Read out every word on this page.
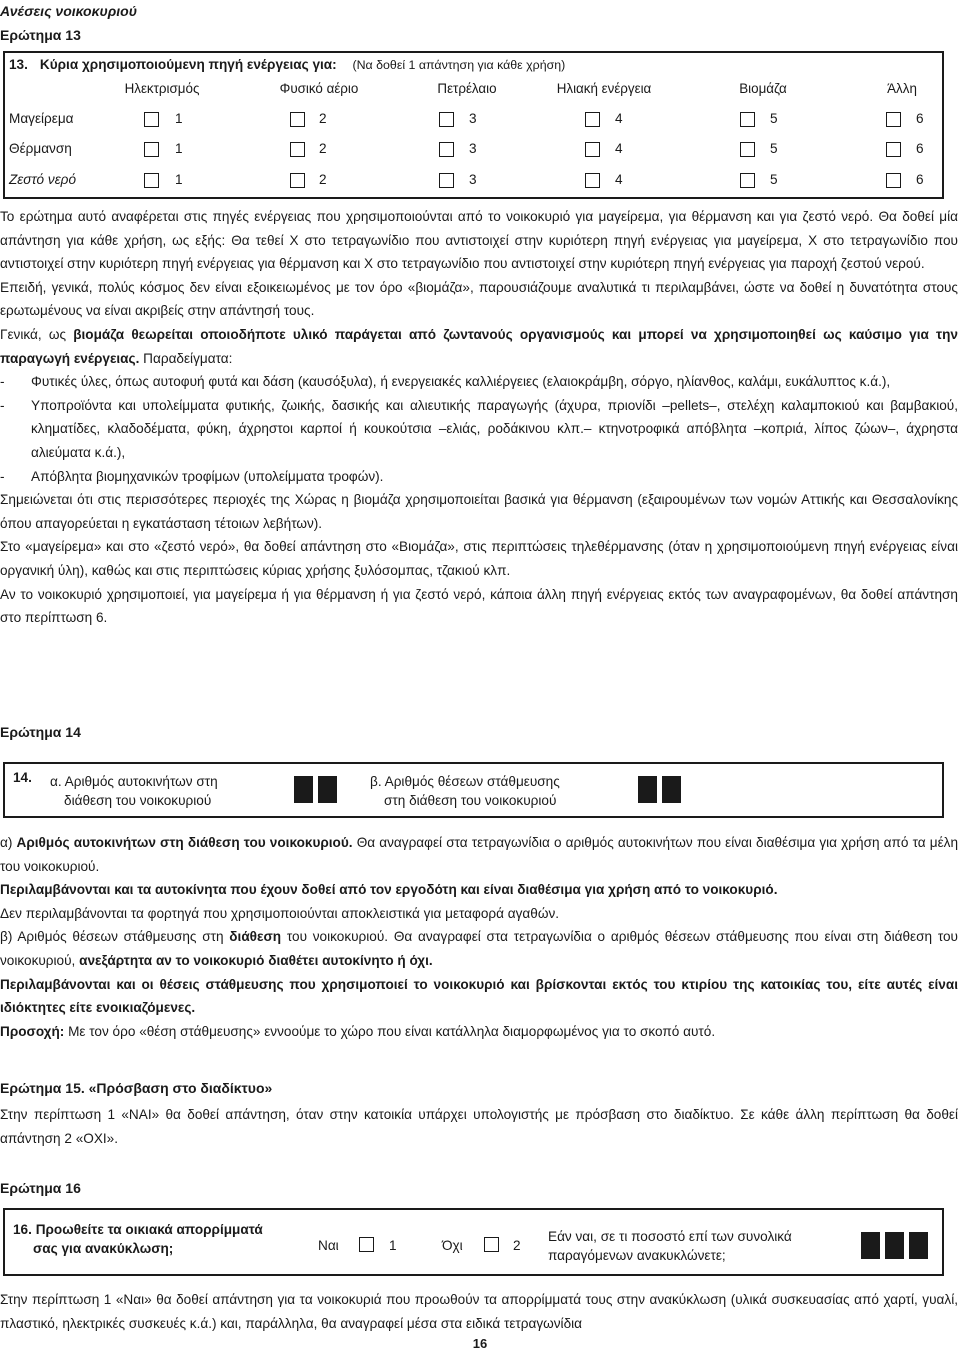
Ανέσεις νοικοκυριού
Ερώτημα 13
13. Κύρια χρησιμοποιούμενη πηγή ενέργειας για: (Να δοθεί 1 απάντηση για κάθε χρήση)
Ηλεκτρισμός	Φυσικό αέριο	Πετρέλαιο	Ηλιακή ενέργεια	Βιομάζα	Άλλη
Μαγείρεμα	1	2	3	4	5	6
Θέρμανση	1	2	3	4	5	6
Ζεστό νερό	1	2	3	4	5	6

Το ερώτημα αυτό αναφέρεται στις πηγές ενέργειας που χρησιμοποιούνται από το νοικοκυριό για μαγείρεμα, για θέρμανση και για ζεστό νερό. Θα δοθεί μία απάντηση για κάθε χρήση, ως εξής: Θα τεθεί Χ στο τετραγωνίδιο που αντιστοιχεί στην κυριότερη πηγή ενέργειας για μαγείρεμα, Χ στο τετραγωνίδιο που αντιστοιχεί στην κυριότερη πηγή ενέργειας για θέρμανση και Χ στο τετραγωνίδιο που αντιστοιχεί στην κυριότερη πηγή ενέργειας για παροχή ζεστού νερού.

Επειδή, γενικά, πολύς κόσμος δεν είναι εξοικειωμένος με τον όρο «βιομάζα», παρουσιάζουμε αναλυτικά τι περιλαμβάνει, ώστε να δοθεί η δυνατότητα στους ερωτωμένους να είναι ακριβείς στην απάντησή τους.

Γενικά, ως βιομάζα θεωρείται οποιοδήποτε υλικό παράγεται από ζωντανούς οργανισμούς και μπορεί να χρησιμοποιηθεί ως καύσιμο για την παραγωγή ενέργειας. Παραδείγματα:

-	Φυτικές ύλες, όπως αυτοφυή φυτά και δάση (καυσόξυλα), ή ενεργειακές καλλιέργειες (ελαιοκράμβη, σόργο, ηλίανθος, καλάμι, ευκάλυπτος κ.ά.),
-	Υποπροϊόντα και υπολείμματα φυτικής, ζωικής, δασικής και αλιευτικής παραγωγής (άχυρα, πριονίδι –pellets–, στελέχη καλαμποκιού και βαμβακιού, κληματίδες, κλαδοδέματα, φύκη, άχρηστοι καρποί ή κουκούτσια –ελιάς, ροδάκινου κλπ.– κτηνοτροφικά απόβλητα –κοπριά, λίπος ζώων–, άχρηστα αλιεύματα κ.ά.),
-	Απόβλητα βιομηχανικών τροφίμων (υπολείμματα τροφών).

Σημειώνεται ότι στις περισσότερες περιοχές της Χώρας η βιομάζα χρησιμοποιείται βασικά για θέρμανση (εξαιρουμένων των νομών Αττικής και Θεσσαλονίκης όπου απαγορεύεται η εγκατάσταση τέτοιων λεβήτων).

Στο «μαγείρεμα» και στο «ζεστό νερό», θα δοθεί απάντηση στο «Βιομάζα», στις περιπτώσεις τηλεθέρμανσης (όταν η χρησιμοποιούμενη πηγή ενέργειας είναι οργανική ύλη), καθώς και στις περιπτώσεις κύριας χρήσης ξυλόσομπας, τζακιού κλπ.

Αν το νοικοκυριό χρησιμοποιεί, για μαγείρεμα ή για θέρμανση ή για ζεστό νερό, κάποια άλλη πηγή ενέργειας εκτός των αναγραφομένων, θα δοθεί απάντηση στο περίπτωση 6.

Ερώτημα 14
14. α. Αριθμός αυτοκινήτων στη
διάθεση του νοικοκυριού
β. Αριθμός θέσεων στάθμευσης
στη διάθεση του νοικοκυριού

α) Αριθμός αυτοκινήτων στη διάθεση του νοικοκυριού. Θα αναγραφεί στα τετραγωνίδια ο αριθμός αυτοκινήτων που είναι διαθέσιμα για χρήση από τα μέλη του νοικοκυριού.

Περιλαμβάνονται και τα αυτοκίνητα που έχουν δοθεί από τον εργοδότη και είναι διαθέσιμα για χρήση από το νοικοκυριό.

Δεν περιλαμβάνονται τα φορτηγά που χρησιμοποιούνται αποκλειστικά για μεταφορά αγαθών.

β) Αριθμός θέσεων στάθμευσης στη διάθεση του νοικοκυριού. Θα αναγραφεί στα τετραγωνίδια ο αριθμός θέσεων στάθμευσης που είναι στη διάθεση του νοικοκυριού, ανεξάρτητα αν το νοικοκυριό διαθέτει αυτοκίνητο ή όχι.

Περιλαμβάνονται και οι θέσεις στάθμευσης που χρησιμοποιεί το νοικοκυριό και βρίσκονται εκτός του κτιρίου της κατοικίας του, είτε αυτές είναι ιδιόκτητες είτε ενοικιαζόμενες.

Προσοχή: Με τον όρο «θέση στάθμευσης» εννοούμε το χώρο που είναι κατάλληλα διαμορφωμένος για το σκοπό αυτό.

Ερώτημα 15. «Πρόσβαση στο διαδίκτυο»

Στην περίπτωση 1 «ΝΑΙ» θα δοθεί απάντηση, όταν στην κατοικία υπάρχει υπολογιστής με πρόσβαση στο διαδίκτυο. Σε κάθε άλλη περίπτωση θα δοθεί απάντηση 2 «ΟΧΙ».

Ερώτημα 16
16. Προωθείτε τα οικιακά απορρίμματά
σας για ανακύκλωση;	Ναι	1	Όχι	2
Εάν ναι, σε τι ποσοστό επί των συνολικά
παραγόμενων ανακυκλώνετε;

Στην περίπτωση 1 «Ναι» θα δοθεί απάντηση για τα νοικοκυριά που προωθούν τα απορρίμματά τους στην ανακύκλωση (υλικά συσκευασίας από χαρτί, γυαλί, πλαστικό, ηλεκτρικές συσκευές κ.ά.) και, παράλληλα, θα αναγραφεί μέσα στα ειδικά τετραγωνίδια

16
